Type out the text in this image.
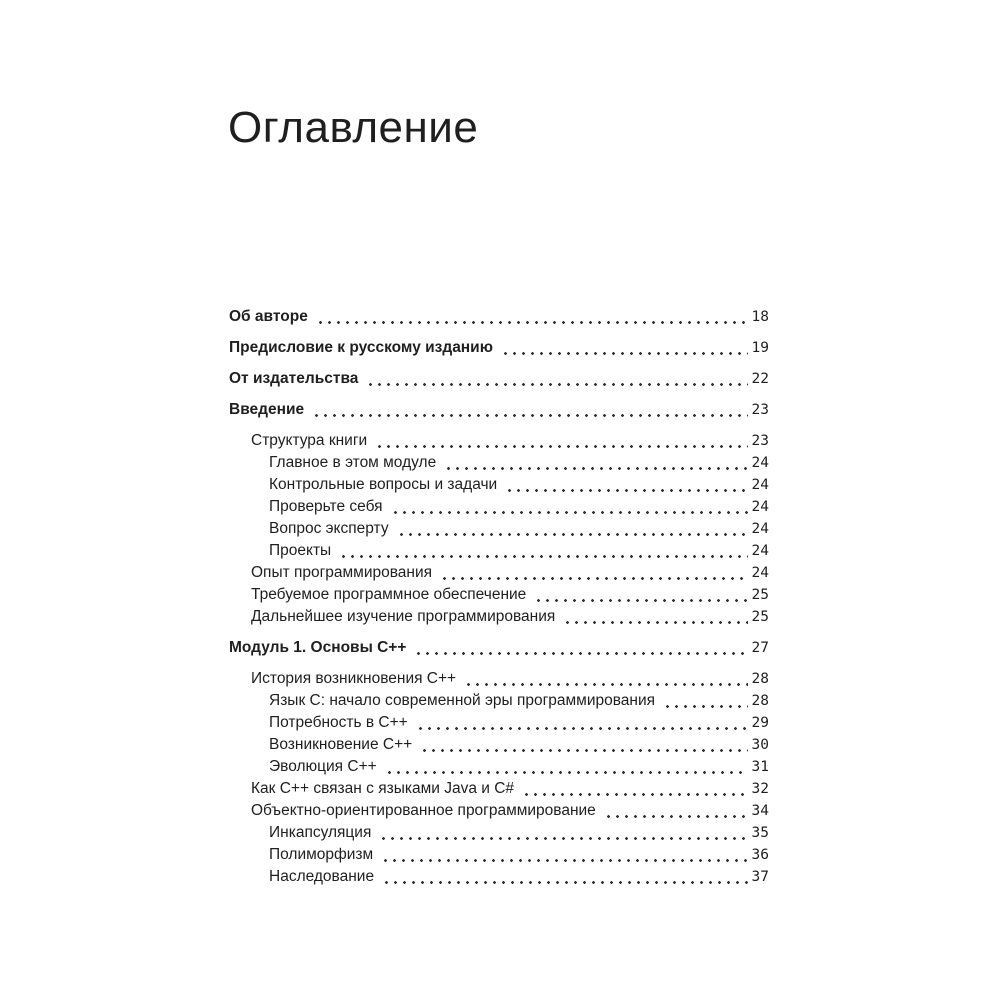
Оглавление
Об авторе	18
Предисловие к русскому изданию	19
От издательства	22
Введение	23
Структура книги	23
Главное в этом модуле	24
Контрольные вопросы и задачи	24
Проверьте себя	24
Вопрос эксперту	24
Проекты	24
Опыт программирования	24
Требуемое программное обеспечение	25
Дальнейшее изучение программирования	25
Модуль 1. Основы C++	27
История возникновения C++	28
Язык C: начало современной эры программирования	28
Потребность в C++	29
Возникновение C++	30
Эволюция C++	31
Как C++ связан с языками Java и C#	32
Объектно-ориентированное программирование	34
Инкапсуляция	35
Полиморфизм	36
Наследование	37
